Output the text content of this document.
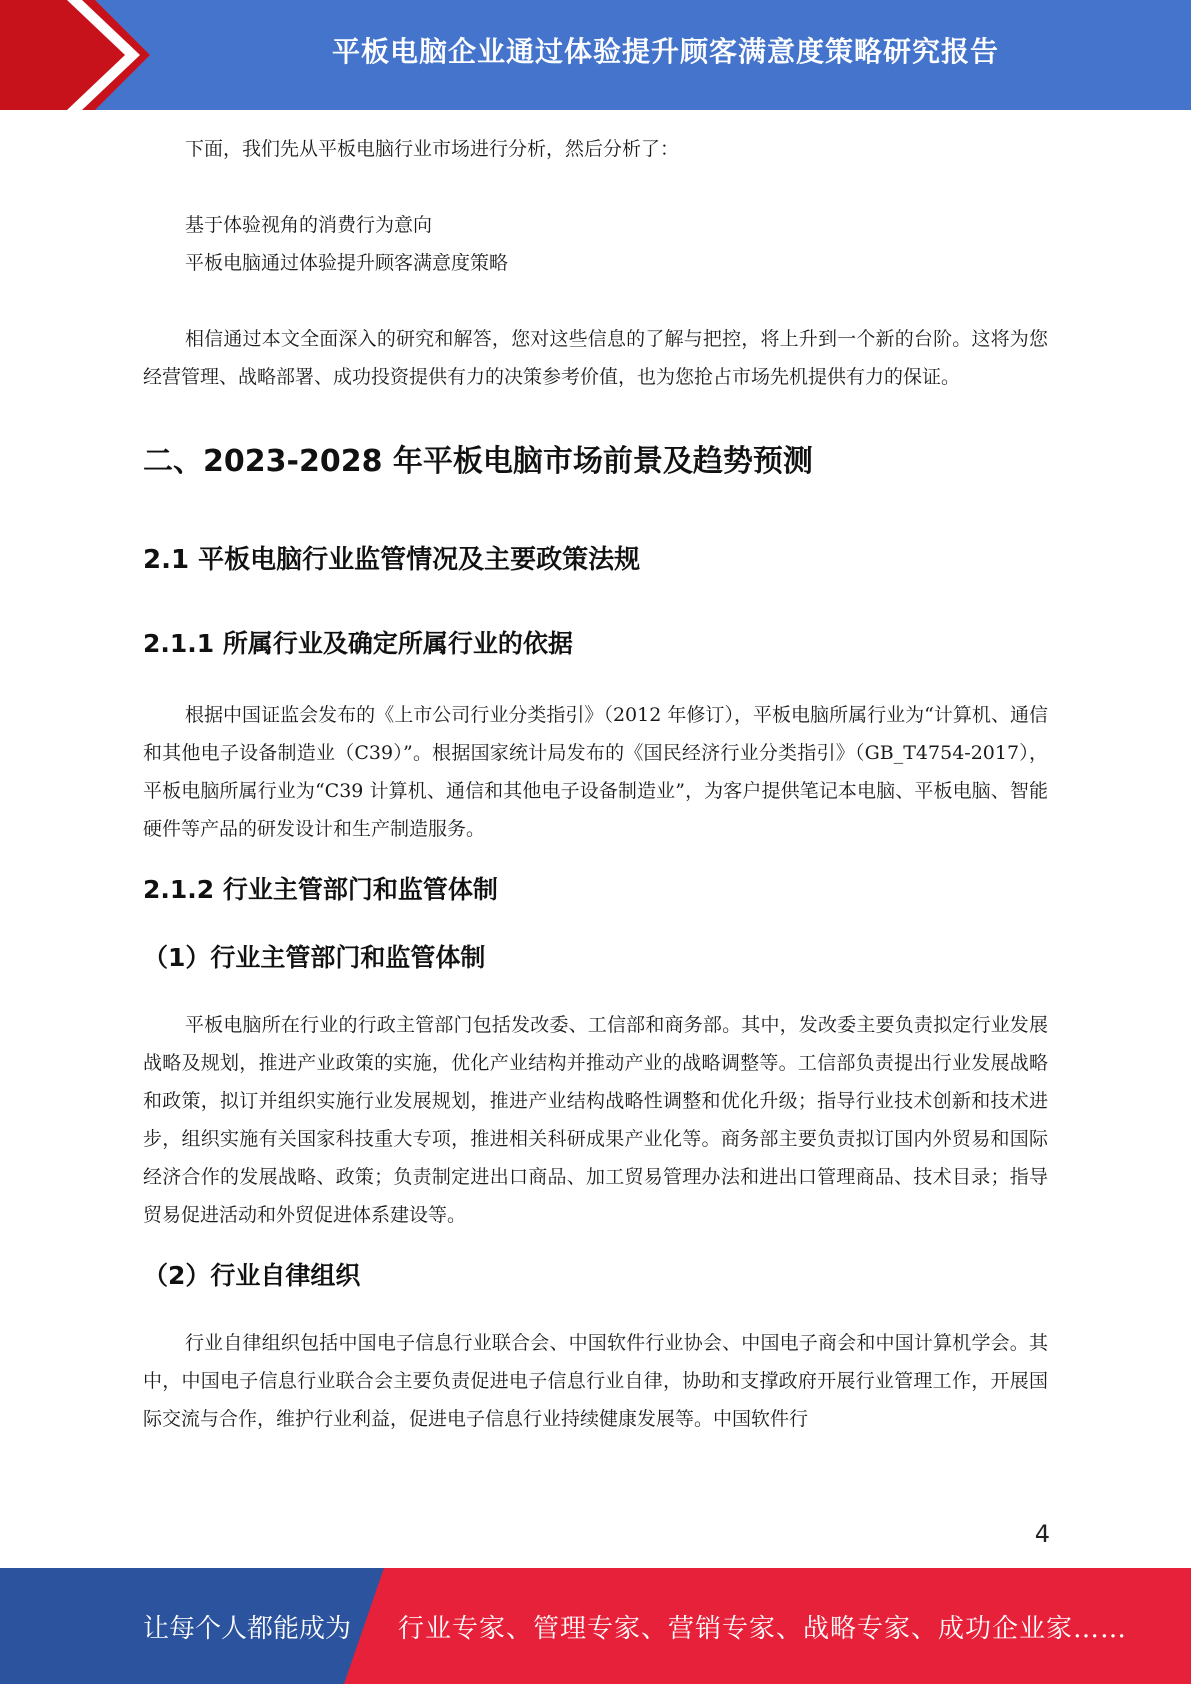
平板电脑企业通过体验提升顾客满意度策略研究报告

下面，我们先从平板电脑行业市场进行分析，然后分析了：

基于体验视角的消费行为意向
平板电脑通过体验提升顾客满意度策略

相信通过本文全面深入的研究和解答，您对这些信息的了解与把控，将上升到一个新的台阶。这将为您经营管理、战略部署、成功投资提供有力的决策参考价值，也为您抢占市场先机提供有力的保证。

二、2023-2028 年平板电脑市场前景及趋势预测
2.1 平板电脑行业监管情况及主要政策法规
2.1.1 所属行业及确定所属行业的依据

根据中国证监会发布的《上市公司行业分类指引》（2012 年修订），平板电脑所属行业为“计算机、通信和其他电子设备制造业（C39）”。根据国家统计局发布的《国民经济行业分类指引》（GB_T4754-2017），平板电脑所属行业为“C39 计算机、通信和其他电子设备制造业”，为客户提供笔记本电脑、平板电脑、智能硬件等产品的研发设计和生产制造服务。

2.1.2 行业主管部门和监管体制
（1）行业主管部门和监管体制

平板电脑所在行业的行政主管部门包括发改委、工信部和商务部。其中，发改委主要负责拟定行业发展战略及规划，推进产业政策的实施，优化产业结构并推动产业的战略调整等。工信部负责提出行业发展战略和政策，拟订并组织实施行业发展规划，推进产业结构战略性调整和优化升级；指导行业技术创新和技术进步，组织实施有关国家科技重大专项，推进相关科研成果产业化等。商务部主要负责拟订国内外贸易和国际经济合作的发展战略、政策；负责制定进出口商品、加工贸易管理办法和进出口管理商品、技术目录；指导贸易促进活动和外贸促进体系建设等。

（2）行业自律组织

行业自律组织包括中国电子信息行业联合会、中国软件行业协会、中国电子商会和中国计算机学会。其中，中国电子信息行业联合会主要负责促进电子信息行业自律，协助和支撑政府开展行业管理工作，开展国际交流与合作，维护行业利益，促进电子信息行业持续健康发展等。中国软件行

4
让每个人都能成为 行业专家、管理专家、营销专家、战略专家、成功企业家……
